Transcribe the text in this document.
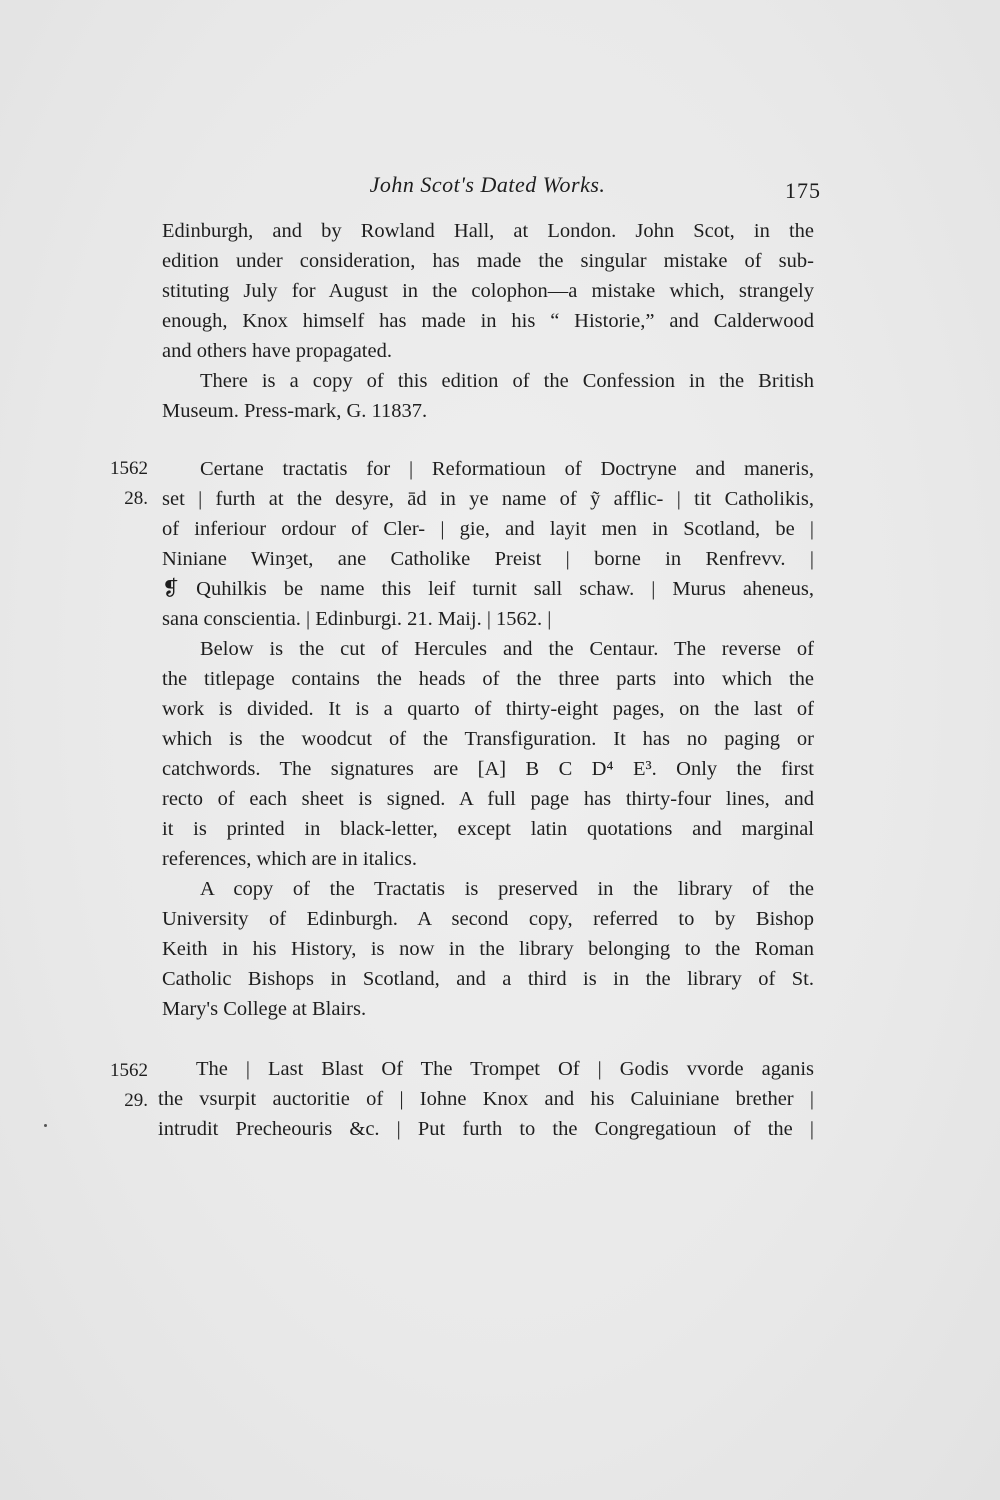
John Scot's Dated Works.	175
Edinburgh, and by Rowland Hall, at London. John Scot, in the
edition under consideration, has made the singular mistake of sub-
stituting July for August in the colophon—a mistake which, strangely
enough, Knox himself has made in his “ Historie,” and Calderwood
and others have propagated.
There is a copy of this edition of the Confession in the British
Museum. Press-mark, G. 11837.
1562
28.
Certane tractatis for | Reformatioun of Doctryne and maneris,
set | furth at the desyre, ād in ye name of ỹ afflic- | tit Catholikis,
of inferiour ordour of Cler- | gie, and layit men in Scotland, be |
Niniane Winȝet, ane Catholike Preist | borne in Renfrevv. |
❡ Quhilkis be name this leif turnit sall schaw. | Murus aheneus,
sana conscientia. | Edinburgi. 21. Maij. | 1562. |
Below is the cut of Hercules and the Centaur. The reverse of
the titlepage contains the heads of the three parts into which the
work is divided. It is a quarto of thirty-eight pages, on the last of
which is the woodcut of the Transfiguration. It has no paging or
catchwords. The signatures are [A] B C D⁴ E³. Only the first
recto of each sheet is signed. A full page has thirty-four lines, and
it is printed in black-letter, except latin quotations and marginal
references, which are in italics.
A copy of the Tractatis is preserved in the library of the
University of Edinburgh. A second copy, referred to by Bishop
Keith in his History, is now in the library belonging to the Roman
Catholic Bishops in Scotland, and a third is in the library of St.
Mary's College at Blairs.
1562
29.
The | Last Blast Of The Trompet Of | Godis vvorde aganis
the vsurpit auctoritie of | Iohne Knox and his Caluiniane brether |
intrudit Precheouris &c. | Put furth to the Congregatioun of the |
